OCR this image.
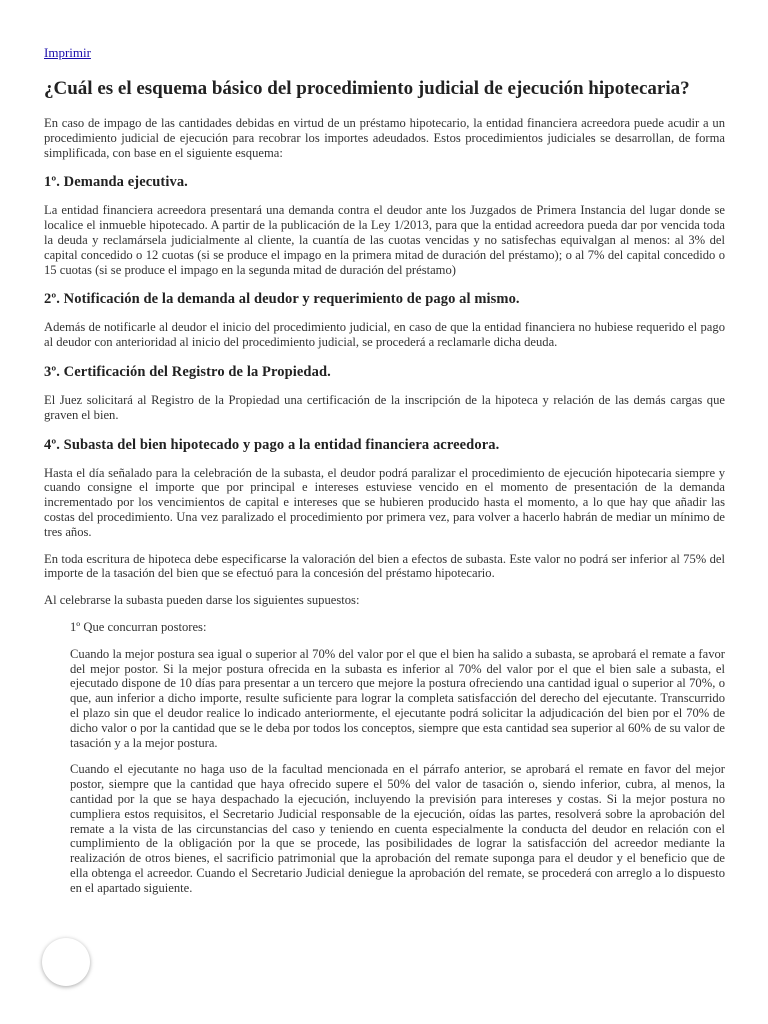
Imprimir
¿Cuál es el esquema básico del procedimiento judicial de ejecución hipotecaria?

En caso de impago de las cantidades debidas en virtud de un préstamo hipotecario, la entidad financiera acreedora puede acudir a un procedimiento judicial de ejecución para recobrar los importes adeudados. Estos procedimientos judiciales se desarrollan, de forma simplificada, con base en el siguiente esquema:

1º. Demanda ejecutiva.

La entidad financiera acreedora presentará una demanda contra el deudor ante los Juzgados de Primera Instancia del lugar donde se localice el inmueble hipotecado. A partir de la publicación de la Ley 1/2013, para que la entidad acreedora pueda dar por vencida toda la deuda y reclamársela judicialmente al cliente, la cuantía de las cuotas vencidas y no satisfechas equivalgan al menos: al 3% del capital concedido o 12 cuotas (si se produce el impago en la primera mitad de duración del préstamo); o al 7% del capital concedido o 15 cuotas (si se produce el impago en la segunda mitad de duración del préstamo)

2º. Notificación de la demanda al deudor y requerimiento de pago al mismo.

Además de notificarle al deudor el inicio del procedimiento judicial, en caso de que la entidad financiera no hubiese requerido el pago al deudor con anterioridad al inicio del procedimiento judicial, se procederá a reclamarle dicha deuda.

3º. Certificación del Registro de la Propiedad.

El Juez solicitará al Registro de la Propiedad una certificación de la inscripción de la hipoteca y relación de las demás cargas que graven el bien.

4º. Subasta del bien hipotecado y pago a la entidad financiera acreedora.

Hasta el día señalado para la celebración de la subasta, el deudor podrá paralizar el procedimiento de ejecución hipotecaria siempre y cuando consigne el importe que por principal e intereses estuviese vencido en el momento de presentación de la demanda incrementado por los vencimientos de capital e intereses que se hubieren producido hasta el momento, a lo que hay que añadir las costas del procedimiento. Una vez paralizado el procedimiento por primera vez, para volver a hacerlo habrán de mediar un mínimo de tres años.

En toda escritura de hipoteca debe especificarse la valoración del bien a efectos de subasta. Este valor no podrá ser inferior al 75% del importe de la tasación del bien que se efectuó para la concesión del préstamo hipotecario.

Al celebrarse la subasta pueden darse los siguientes supuestos:

1º Que concurran postores:

Cuando la mejor postura sea igual o superior al 70% del valor por el que el bien ha salido a subasta, se aprobará el remate a favor del mejor postor. Si la mejor postura ofrecida en la subasta es inferior al 70% del valor por el que el bien sale a subasta, el ejecutado dispone de 10 días para presentar a un tercero que mejore la postura ofreciendo una cantidad igual o superior al 70%, o que, aun inferior a dicho importe, resulte suficiente para lograr la completa satisfacción del derecho del ejecutante. Transcurrido el plazo sin que el deudor realice lo indicado anteriormente, el ejecutante podrá solicitar la adjudicación del bien por el 70% de dicho valor o por la cantidad que se le deba por todos los conceptos, siempre que esta cantidad sea superior al 60% de su valor de tasación y a la mejor postura.

Cuando el ejecutante no haga uso de la facultad mencionada en el párrafo anterior, se aprobará el remate en favor del mejor postor, siempre que la cantidad que haya ofrecido supere el 50% del valor de tasación o, siendo inferior, cubra, al menos, la cantidad por la que se haya despachado la ejecución, incluyendo la previsión para intereses y costas. Si la mejor postura no cumpliera estos requisitos, el Secretario Judicial responsable de la ejecución, oídas las partes, resolverá sobre la aprobación del remate a la vista de las circunstancias del caso y teniendo en cuenta especialmente la conducta del deudor en relación con el cumplimiento de la obligación por la que se procede, las posibilidades de lograr la satisfacción del acreedor mediante la realización de otros bienes, el sacrificio patrimonial que la aprobación del remate suponga para el deudor y el beneficio que de ella obtenga el acreedor. Cuando el Secretario Judicial deniegue la aprobación del remate, se procederá con arreglo a lo dispuesto en el apartado siguiente.
